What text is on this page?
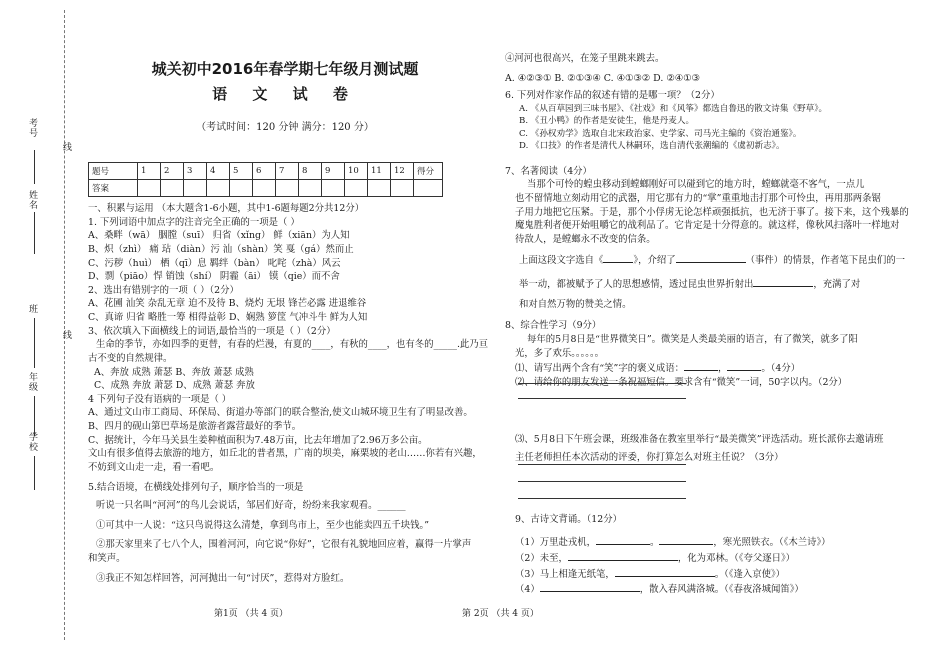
考号
线
姓名
班
线
年级
学校
城关初中2016年春学期七年级月测试题
语 文 试 卷
（考试时间：120 分钟 满分：120 分）
题号	1	2	3	4	5	6	7	8	9	10	11	12	得分
答案													

一、积累与运用 （本大题含1-6小题，其中1-6题每题2分共12分）

1. 下列词语中加点字的注音完全正确的一项是（ ）

A、桑畔（wā） 胭膛（suī） 归省（xǐng） 鲜（xiān）为人知

B、炽（zhì） 痛 玷（diàn）污 汕（shàn）笑 戛（gá）然而止

C、污秽（huì） 栖（qī）息 羁绊（bàn） 叱咤（zhà）风云

D、剽（piāo）悍 销蚀（shí） 阴霾（āi） 镆（qie）而不舍

2、选出有错别字的一项（ ）（2分）

A、花圃 汕笑 杂乱无章 迫不及待 B、烧灼 无垠 锋芒必露 进退维谷

C、真谛 归省 略胜一筹 相得益彰 D、娴熟 箩筐 气冲斗牛 鲜为人知

3、依次填入下面横线上的词语,最恰当的一项是（ ）（2分）

生命的季节，亦如四季的更替，有春的烂漫，有夏的____，有秋的____，也有冬的_____.此乃亘

古不变的自然规律。

A、奔放 成熟 萧瑟 B、奔放 萧瑟 成熟

C、成熟 奔放 萧瑟 D、成熟 萧瑟 奔放

4 下列句子没有语病的一项是（ ）

A、通过文山市工商局、环保局、街道办等部门的联合整治,使文山城环境卫生有了明显改善。

B、四月的砚山第巴草场是旅游者露营最好的季节。

C、据统计，今年马关县生姜种植面积为7.48万亩，比去年增加了2.96万多公亩。

文山有很多值得去旅游的地方，如丘北的普者黑，广南的坝美，麻栗坡的老山……你若有兴趣，

不妨到文山走一走，看一看吧。

5.结合语境，在横线处排列句子，顺序恰当的一项是

听说一只名叫“河河”的鸟儿会说话，邹居们好奇，纷纷来我家观看。______

①可其中一人说：“这只鸟说得这么清楚，拿到鸟市上，至少也能卖四五千块钱。”

②那天家里来了七八个人，围着河河，向它说“你好”，它很有礼貌地回应着，赢得一片掌声

和笑声。

③我正不知怎样回答，河河抛出一句“讨厌”，惹得对方脸红。

④河河也很高兴，在笼子里跳来跳去。

A. ④②③① B. ②①③④ C. ④①③② D. ②④①③

6. 下列对作家作品的叙述有错的是哪一项？（2分）

A. 《从百草园到三味书屋》、《社戏》和《风筝》都选自鲁迅的散文诗集《野草》。

B. 《丑小鸭》的作者是安徒生，他是丹麦人。

C. 《孙权劝学》选取自北宋政治家、史学家、司马光主编的《资治通鉴》。

D. 《口技》的作者是清代人林嗣环，选自清代张潮编的《虞初新志》。

7、名著阅读（4分）

当那个可怜的蝗虫移动到螳螂刚好可以碰到它的地方时，螳螂就毫不客气，一点儿

也不留情地立刻动用它的武器，用它那有力的“掌”重重地击打那个可怜虫，再用那两条锯

子用力地把它压紧。于是，那个小俘虏无论怎样顽强抵抗，也无济于事了。接下来，这个残暴的

魔鬼胜利者便开始咀嚼它的战利品了。它肯定是十分得意的。就这样，像秋风扫落叶一样地对

待敌人，是螳螂永不改变的信条。

上面这段文字选自《	》，介绍了	（事件）的情景，作者笔下昆虫们的一

举一动，都被赋予了人的思想感情，透过昆虫世界折射出	，充满了对

和对自然万物的赞美之情。

8、综合性学习（9分）

每年的5月8日是“世界微笑日”。微笑是人类最美丽的语言，有了微笑，就多了阳

光，多了欢乐。。。。。。

⑴、请写出两个含有“笑”字的褒义成语：	，	。（4分）

⑵、请给你的朋友发送一条祝福短信。要求含有“微笑”一词，50字以内。（2分）

⑶、5月8日下午班会课，班级准备在教室里举行“最美微笑”评选活动。班长派你去邀请班

主任老师担任本次活动的评委，你打算怎么对班主任说？（3分）

9、古诗文背诵。（12分）

（1）万里赴戎机，	。	，寒光照铁衣。（《木兰诗》）

（2）未至，	，化为邓林。（《夸父逐日》）

（3）马上相逢无纸笔，	。（《逢入京使》）

（4）	，散入春风满洛城。（《春夜洛城闻笛》）

第1页 （共 4 页）	第 2页 （共 4 页）
